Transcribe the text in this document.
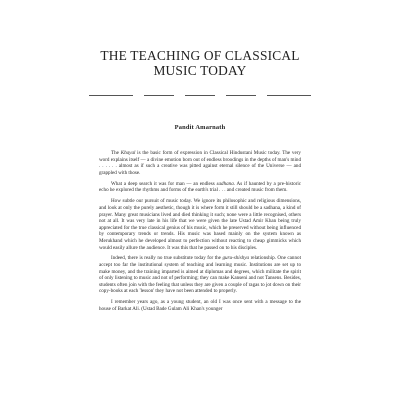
THE TEACHING OF CLASSICAL
MUSIC TODAY

Pandit Amarnath

The Khayal is the basic form of expression in Classical Hindustani Music today. The very word explains itself — a divine emotion born out of endless broodings in the depths of man's mind . . . . . . almost as if such a creative was pitted against eternal silence of the Universe — and grappled with those.

What a deep search it was for man — an endless sadhana. As if haunted by a pre-historic echo he explored the rhythms and forms of the earth's trial . . . and created music from them.

How subtle our pursuit of music today. We ignore its philosophic and religious dimensions, and look at only the purely aesthetic, though it is where form it still should be a sadhana, a kind of prayer. Many great musicians lived and died thinking it such; none were a little recognised, others not at all. It was very late in his life that we were given the late Ustad Amir Khan being truly appreciated for the true classical genius of his music, which he preserved without being influenced by contemporary trends or trends. His music was based mainly on the system known as Merukhand which he developed almost to perfection without reacting to cheap gimmicks which would easily allure the audience. It was this that he passed on to his disciples.

Indeed, there is really no true substitute today for the guru-shishya relationship. One cannot accept too far the institutional system of teaching and learning music. Institutions are set up to make money, and the training imparted is aimed at diplomas and degrees, which militate the spirit of only listening to music and not of performing; they can make Kanseni and not Tansens. Besides, students often join with the feeling that unless they are given a couple of ragas to jot down on their copy-books at each 'lesson' they have not been attended to properly.

I remember years ago, as a young student, an old I was once sent with a message to the house of Barkat Ali. (Ustad Bade Gulam Ali Khan's younger
